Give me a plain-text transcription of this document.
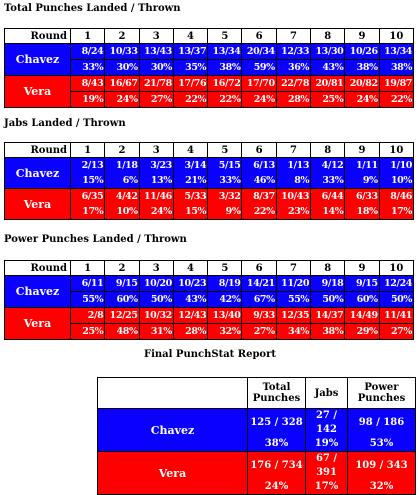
Total Punches Landed / Thrown
Round	1	2	3	4	5	6	7	8	9	10
Chavez	8/24	10/33	13/43	13/37	13/34	20/34	12/33	13/30	10/26	13/34
	33%	30%	30%	35%	38%	59%	36%	43%	38%	38%
Vera	8/43	16/67	21/78	17/76	16/72	17/70	22/78	20/81	20/82	19/87
	19%	24%	27%	22%	22%	24%	28%	25%	24%	22%
Jabs Landed / Thrown
Round	1	2	3	4	5	6	7	8	9	10
Chavez	2/13	1/18	3/23	3/14	5/15	6/13	1/13	4/12	1/11	1/10
	15%	6%	13%	21%	33%	46%	8%	33%	9%	10%
Vera	6/35	4/42	11/46	5/33	3/32	8/37	10/43	6/44	6/33	8/46
	17%	10%	24%	15%	9%	22%	23%	14%	18%	17%
Power Punches Landed / Thrown
Round	1	2	3	4	5	6	7	8	9	10
Chavez	6/11	9/15	10/20	10/23	8/19	14/21	11/20	9/18	9/15	12/24
	55%	60%	50%	43%	42%	67%	55%	50%	60%	50%
Vera	2/8	12/25	10/32	12/43	13/40	9/33	12/35	14/37	14/49	11/41
	25%	48%	31%	28%	32%	27%	34%	38%	29%	27%
Final PunchStat Report
	Total Punches	Jabs	Power Punches
Chavez	125 / 328	27 / 142	98 / 186
	38%	19%	53%
Vera	176 / 734	67 / 391	109 / 343
	24%	17%	32%
